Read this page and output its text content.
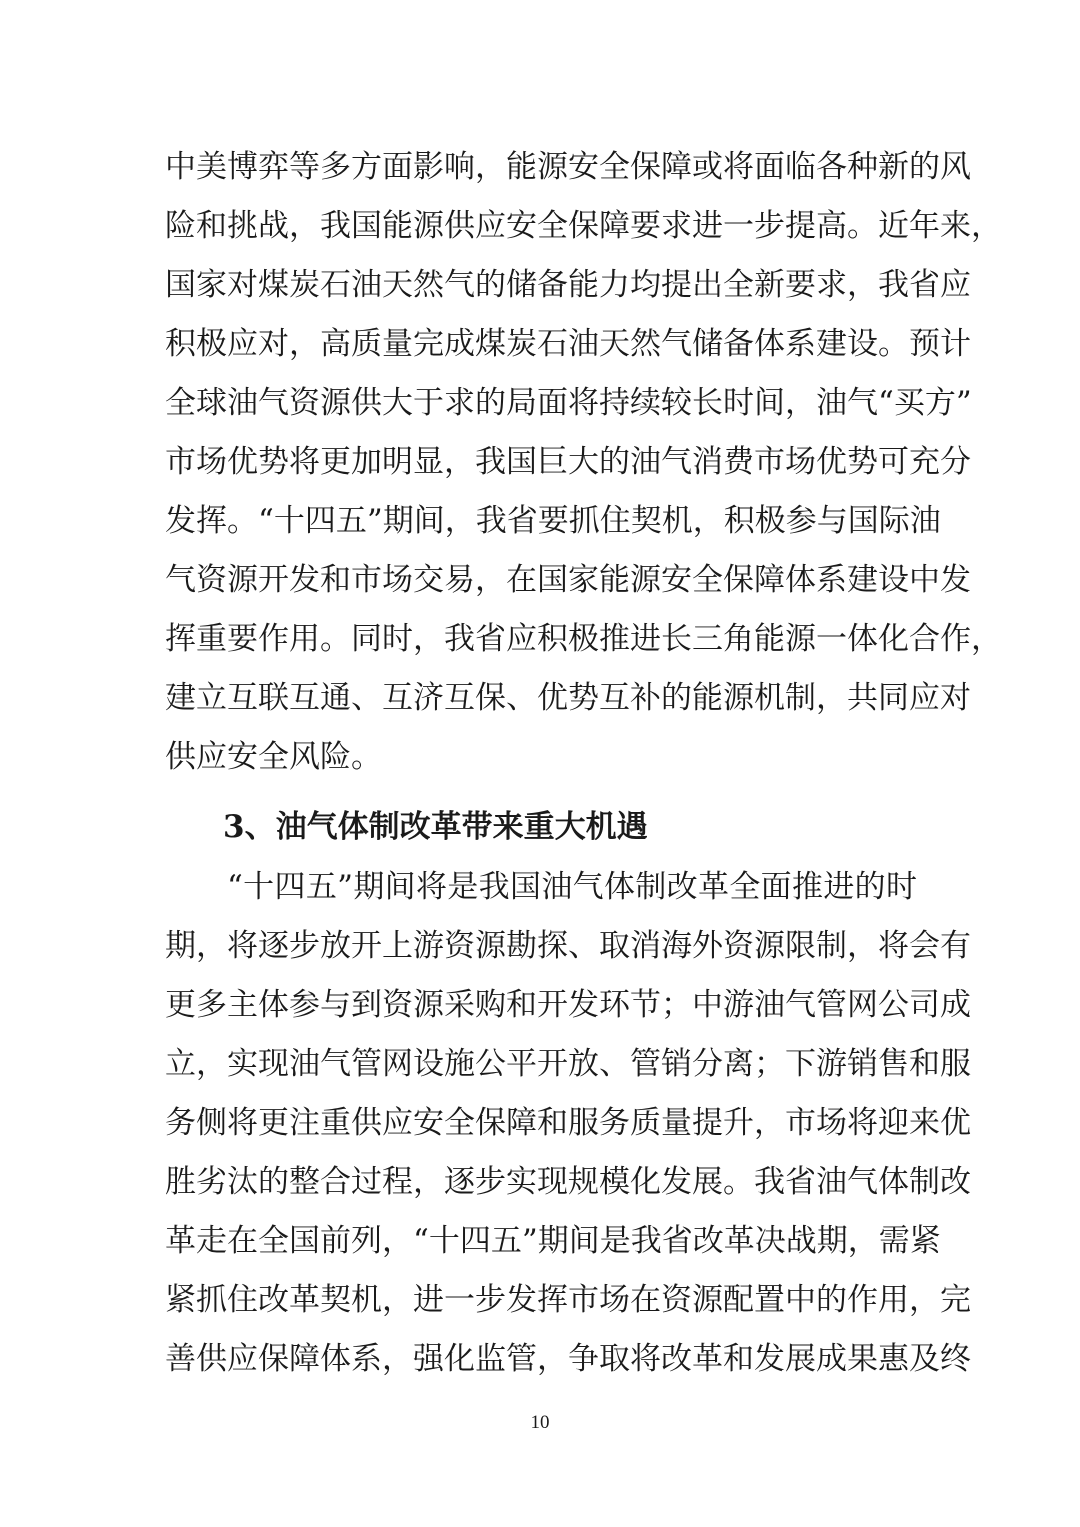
中美博弈等多方面影响，能源安全保障或将面临各种新的风
险和挑战，我国能源供应安全保障要求进一步提高。近年来，
国家对煤炭石油天然气的储备能力均提出全新要求，我省应
积极应对，高质量完成煤炭石油天然气储备体系建设。预计
全球油气资源供大于求的局面将持续较长时间，油气“买方”
市场优势将更加明显，我国巨大的油气消费市场优势可充分
发挥。“十四五”期间，我省要抓住契机，积极参与国际油
气资源开发和市场交易，在国家能源安全保障体系建设中发
挥重要作用。同时，我省应积极推进长三角能源一体化合作，
建立互联互通、互济互保、优势互补的能源机制，共同应对
供应安全风险。
3、油气体制改革带来重大机遇
“十四五”期间将是我国油气体制改革全面推进的时
期，将逐步放开上游资源勘探、取消海外资源限制，将会有
更多主体参与到资源采购和开发环节；中游油气管网公司成
立，实现油气管网设施公平开放、管销分离；下游销售和服
务侧将更注重供应安全保障和服务质量提升，市场将迎来优
胜劣汰的整合过程，逐步实现规模化发展。我省油气体制改
革走在全国前列，“十四五”期间是我省改革决战期，需紧
紧抓住改革契机，进一步发挥市场在资源配置中的作用，完
善供应保障体系，强化监管，争取将改革和发展成果惠及终
10
